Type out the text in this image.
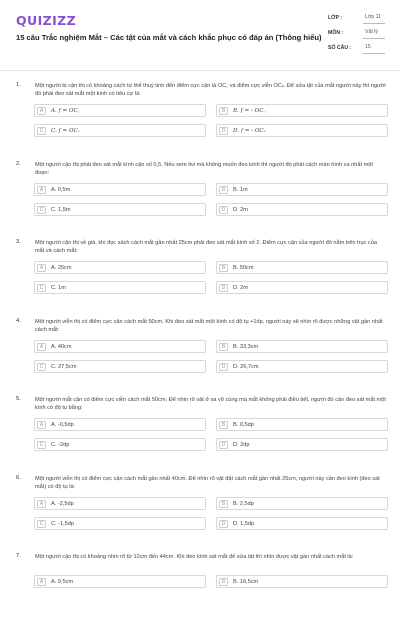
QUIZIZZ
15 câu Trắc nghiệm Mắt – Các tật của mắt và cách khắc phục có đáp án (Thông hiểu)
LỚP :	Lớp 11
MÔN :	Vật lý
SỐ CÂU :	15
1.	Một người bị cận thị có khoảng cách từ thể thuỷ tinh đến điểm cực cận là OC꜀ và điểm cực viễn OCᵥ. Để sửa tật của mắt người này thì người đó phải đeo sát mắt một kính có tiêu cự là:
A	A. f = OC꜀	B	B. f = - OC꜀
C	C. f = OCᵥ	D	D. f = - OCᵥ
2.	Một người cận thị phải đeo sát mắt kính cận số 0,5. Nếu xem tivi mà không muốn đeo kính thì người đó phải cách màn hình xa nhất một đoạn:
A	A. 0,5m	B	B. 1m
C	C. 1,5m	D	D. 2m
3.	Một người cận thị về già, khi đọc sách cách mắt gần nhất 25cm phải đeo sát mắt kính số 2. Điểm cực cận của người đó nằm trên trục của mắt và cách mắt:
A	A. 25cm	B	B. 50cm
C	C. 1m	D	D. 2m
4.	Một người viễn thị có điểm cực cận cách mắt 50cm. Khi đeo sát mắt một kính có độ tụ +1dp, người này sẽ nhìn rõ được những vật gần nhất cách mắt:
A	A. 40cm	B	B. 33,3cm
C	C. 27,5cm	D	D. 26,7cm
5.	Một người mắt cận có điểm cực viễn cách mắt 50cm. Để nhìn rõ vật ở xa vô cùng mà mắt không phải điều tiết, người đó cần đeo sát mắt một kính có độ tụ bằng:
A	A. -0,5dp	B	B. 0,5dp
C	C. -2dp	D	D. 2dp
6.	Một người viễn thị có điểm cực cận cách mắt gần nhất 40cm. Để nhìn rõ vật đặt cách mắt gần nhất 25cm, người này cần đeo kính (đeo sát mắt) có độ tụ là:
A	A. -2,5dp	B	B. 2,5dp
C	C. -1,5dp	D	D. 1,5dp
7.	Một người cận thị có khoảng nhìn rõ từ 12cm đến 44cm. Khi đeo kính sát mắt để sửa tật thì nhìn được vật gần nhất cách mắt là:
A	A. 9,5cm	B	B. 16,5cm
